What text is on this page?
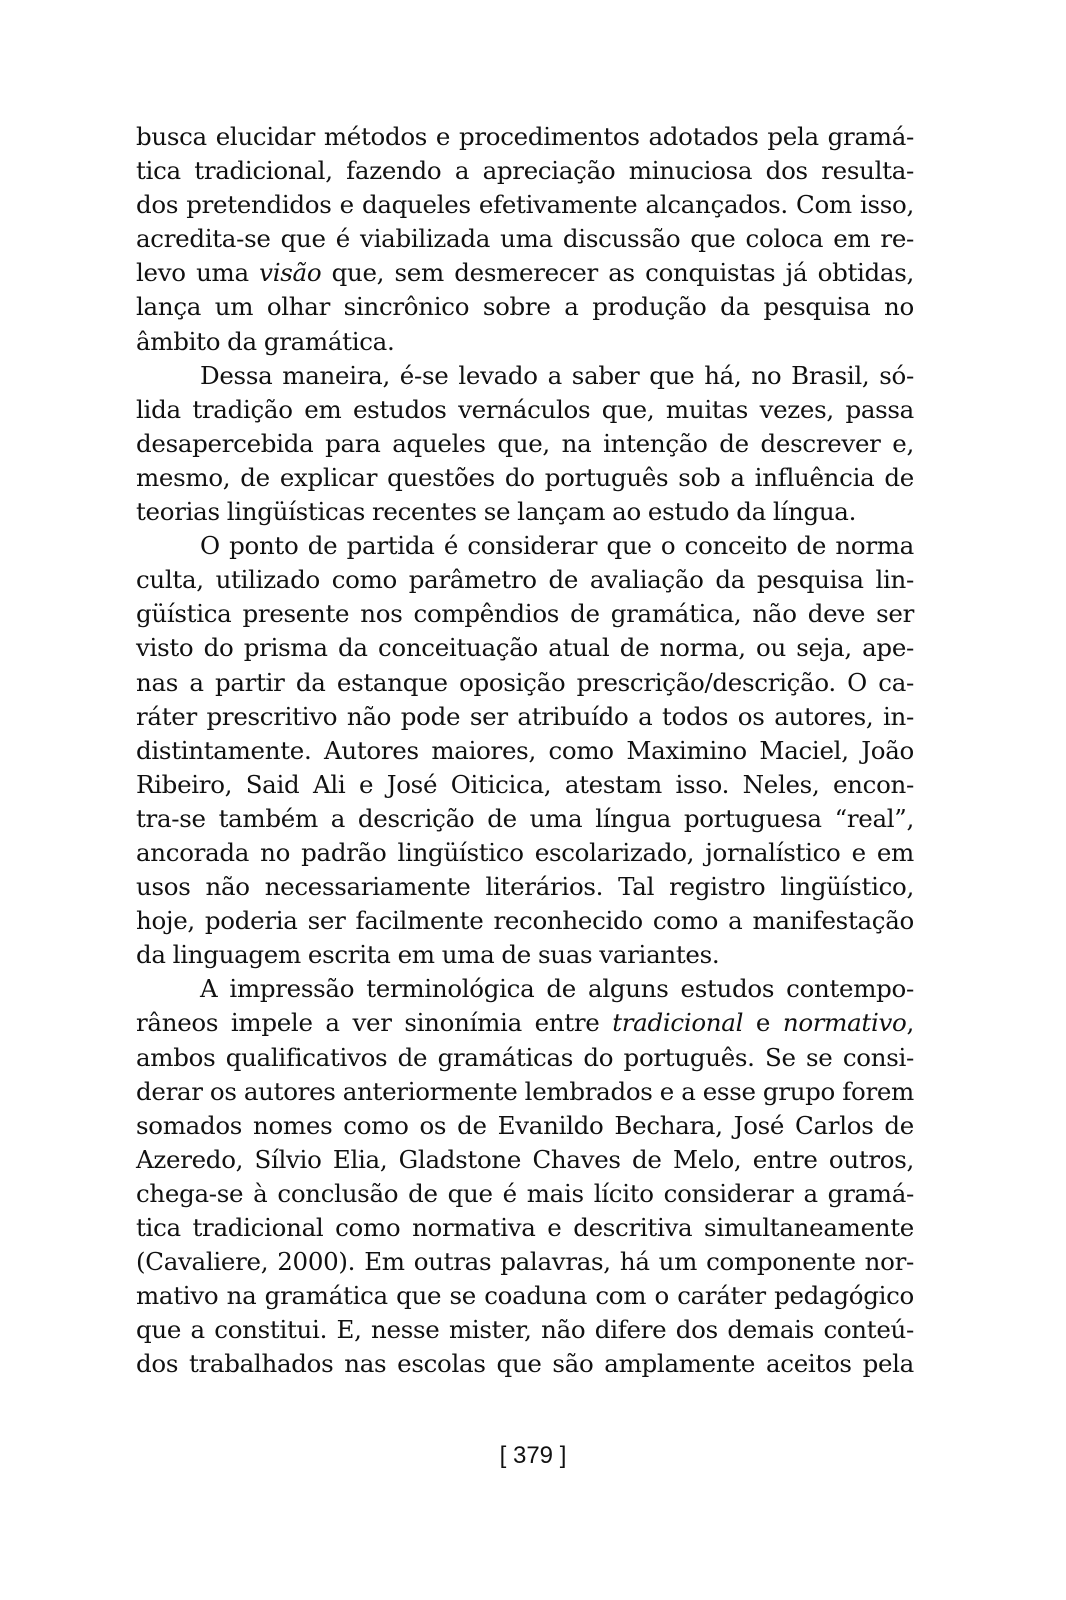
busca elucidar métodos e procedimentos adotados pela gramá-
tica tradicional, fazendo a apreciação minuciosa dos resulta-
dos pretendidos e daqueles efetivamente alcançados. Com isso,
acredita-se que é viabilizada uma discussão que coloca em re-
levo uma visão que, sem desmerecer as conquistas já obtidas,
lança um olhar sincrônico sobre a produção da pesquisa no
âmbito da gramática.
Dessa maneira, é-se levado a saber que há, no Brasil, só-
lida tradição em estudos vernáculos que, muitas vezes, passa
desapercebida para aqueles que, na intenção de descrever e,
mesmo, de explicar questões do português sob a influência de
teorias lingüísticas recentes se lançam ao estudo da língua.
O ponto de partida é considerar que o conceito de norma
culta, utilizado como parâmetro de avaliação da pesquisa lin-
güística presente nos compêndios de gramática, não deve ser
visto do prisma da conceituação atual de norma, ou seja, ape-
nas a partir da estanque oposição prescrição/descrição. O ca-
ráter prescritivo não pode ser atribuído a todos os autores, in-
distintamente. Autores maiores, como Maximino Maciel, João
Ribeiro, Said Ali e José Oiticica, atestam isso. Neles, encon-
tra-se também a descrição de uma língua portuguesa “real”,
ancorada no padrão lingüístico escolarizado, jornalístico e em
usos não necessariamente literários. Tal registro lingüístico,
hoje, poderia ser facilmente reconhecido como a manifestação
da linguagem escrita em uma de suas variantes.
A impressão terminológica de alguns estudos contempo-
râneos impele a ver sinonímia entre tradicional e normativo,
ambos qualificativos de gramáticas do português. Se se consi-
derar os autores anteriormente lembrados e a esse grupo forem
somados nomes como os de Evanildo Bechara, José Carlos de
Azeredo, Sílvio Elia, Gladstone Chaves de Melo, entre outros,
chega-se à conclusão de que é mais lícito considerar a gramá-
tica tradicional como normativa e descritiva simultaneamente
(Cavaliere, 2000). Em outras palavras, há um componente nor-
mativo na gramática que se coaduna com o caráter pedagógico
que a constitui. E, nesse mister, não difere dos demais conteú-
dos trabalhados nas escolas que são amplamente aceitos pela
[ 379 ]
